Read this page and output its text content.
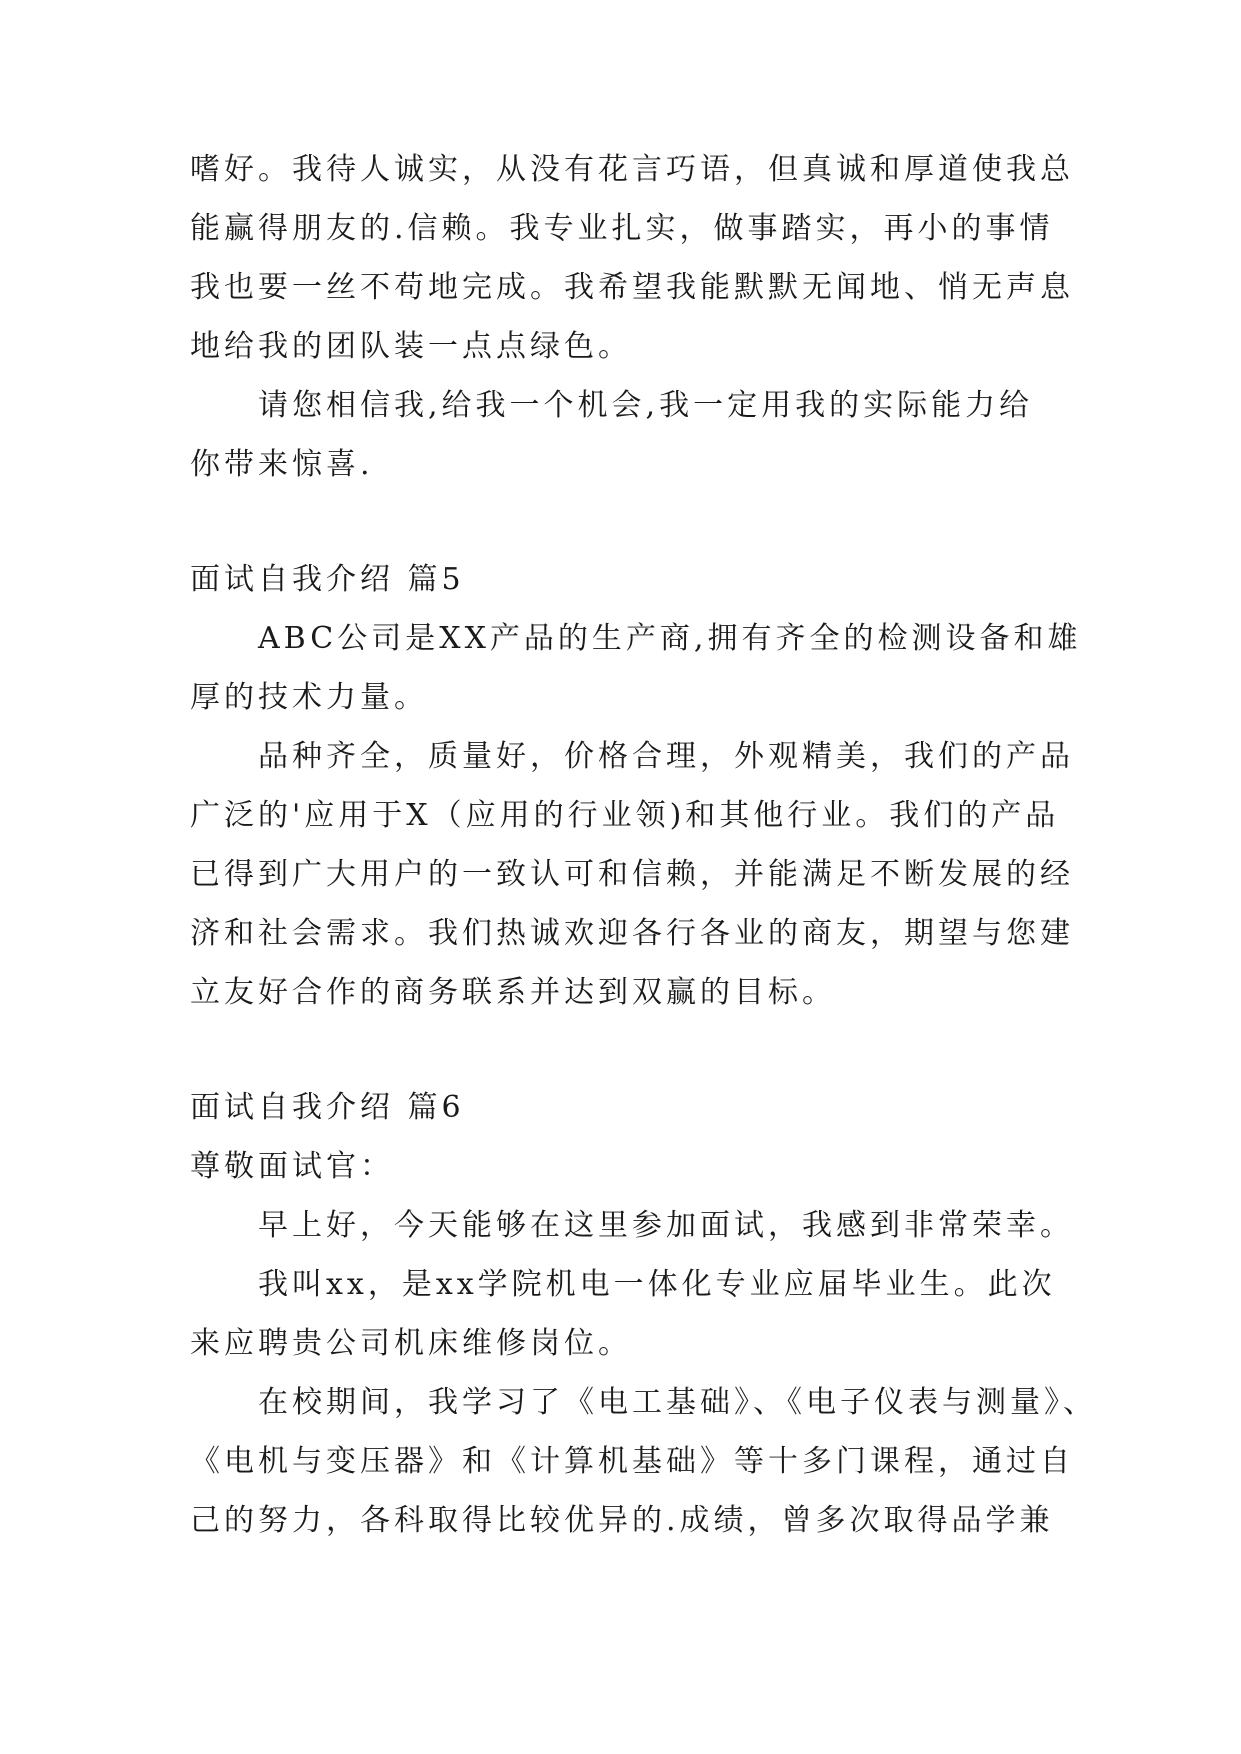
嗜好。我待人诚实，从没有花言巧语，但真诚和厚道使我总

能赢得朋友的.信赖。我专业扎实，做事踏实，再小的事情

我也要一丝不苟地完成。我希望我能默默无闻地、悄无声息

地给我的团队装一点点绿色。

请您相信我,给我一个机会,我一定用我的实际能力给

你带来惊喜.

面试自我介绍 篇5

ABC公司是XX产品的生产商,拥有齐全的检测设备和雄

厚的技术力量。

品种齐全，质量好，价格合理，外观精美，我们的产品

广泛的'应用于X（应用的行业领)和其他行业。我们的产品

已得到广大用户的一致认可和信赖，并能满足不断发展的经

济和社会需求。我们热诚欢迎各行各业的商友，期望与您建

立友好合作的商务联系并达到双赢的目标。

面试自我介绍 篇6

尊敬面试官：

早上好，今天能够在这里参加面试，我感到非常荣幸。

我叫xx，是xx学院机电一体化专业应届毕业生。此次

来应聘贵公司机床维修岗位。

在校期间，我学习了《电工基础》、《电子仪表与测量》、

《电机与变压器》和《计算机基础》等十多门课程，通过自

己的努力，各科取得比较优异的.成绩，曾多次取得品学兼
